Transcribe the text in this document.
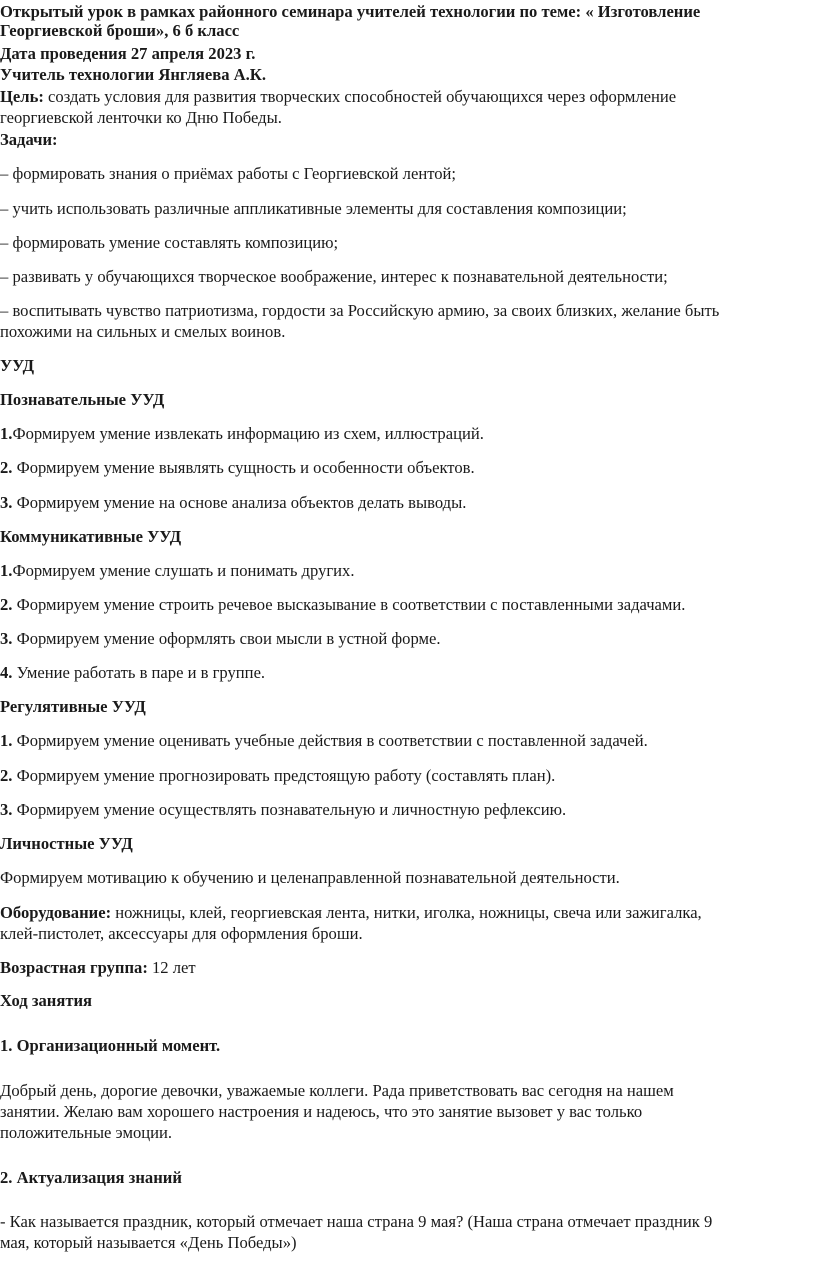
Открытый урок в рамках районного семинара учителей технологии по теме: « Изготовление

Георгиевской броши», 6 б класс

Дата проведения 27 апреля 2023 г.

Учитель технологии Янгляева А.К.

Цель: создать условия для развития творческих способностей обучающихся через оформление

георгиевской ленточки ко Дню Победы.

Задачи:

– формировать знания о приёмах работы с Георгиевской лентой;

– учить использовать различные аппликативные элементы для составления композиции;

– формировать умение составлять композицию;

– развивать у обучающихся творческое воображение, интерес к познавательной деятельности;

– воспитывать чувство патриотизма, гордости за Российскую армию, за своих близких, желание быть

похожими на сильных и смелых воинов.

УУД

Познавательные УУД

1.Формируем умение извлекать информацию из схем, иллюстраций.

2. Формируем умение выявлять сущность и особенности объектов.

3. Формируем умение на основе анализа объектов делать выводы.

Коммуникативные УУД

1.Формируем умение слушать и понимать других.

2. Формируем умение строить речевое высказывание в соответствии с поставленными задачами.

3. Формируем умение оформлять свои мысли в устной форме.

4. Умение работать в паре и в группе.

Регулятивные УУД

1. Формируем умение оценивать учебные действия в соответствии с поставленной задачей.

2. Формируем умение прогнозировать предстоящую работу (составлять план).

3. Формируем умение осуществлять познавательную и личностную рефлексию.

Личностные УУД

Формируем мотивацию к обучению и целенаправленной познавательной деятельности.

Оборудование: ножницы, клей, георгиевская лента, нитки, иголка, ножницы, свеча или зажигалка,

клей-пистолет, аксессуары для оформления броши.

Возрастная группа: 12 лет

Ход занятия

1. Организационный момент.

Добрый день, дорогие девочки, уважаемые коллеги. Рада приветствовать вас сегодня на нашем

занятии. Желаю вам хорошего настроения и надеюсь, что это занятие вызовет у вас только

положительные эмоции.

2. Актуализация знаний

- Как называется праздник, который отмечает наша страна 9 мая? (Наша страна отмечает праздник 9

мая, который называется «День Победы»)
